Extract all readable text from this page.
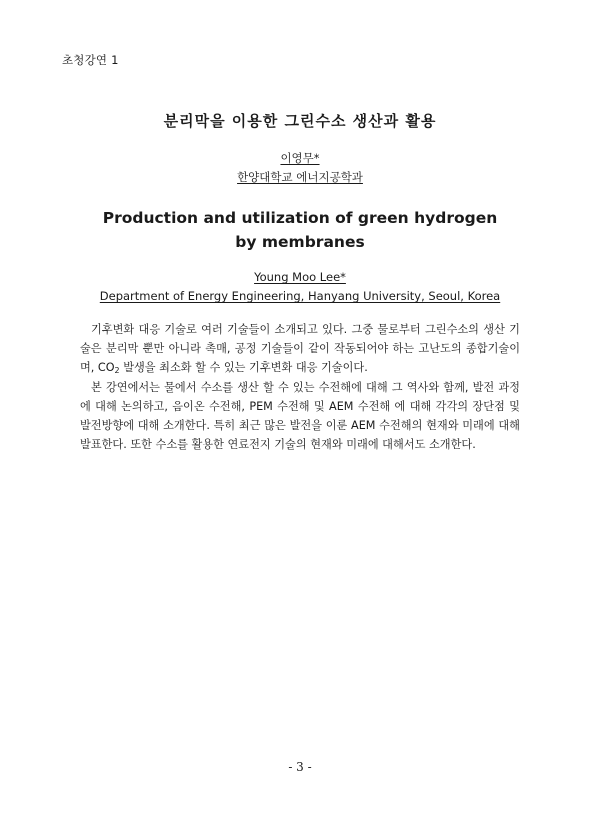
초청강연 1
분리막을 이용한 그린수소 생산과 활용
이영무*
한양대학교 에너지공학과
Production and utilization of green hydrogen by membranes
Young Moo Lee*
Department of Energy Engineering, Hanyang University, Seoul, Korea

기후변화 대응 기술로 여러 기술들이 소개되고 있다. 그중 물로부터 그린수소의 생산 기술은 분리막 뿐만 아니라 촉매, 공정 기술들이 같이 작동되어야 하는 고난도의 종합기술이며, $CO_2$ 발생을 최소화 할 수 있는 기후변화 대응 기술이다.

본 강연에서는 물에서 수소를 생산 할 수 있는 수전해에 대해 그 역사와 함께, 발전 과정에 대해 논의하고, 음이온 수전해, PEM 수전해 및 AEM 수전해 에 대해 각각의 장단점 및 발전방향에 대해 소개한다. 특히 최근 많은 발전을 이룬 AEM 수전해의 현재와 미래에 대해 발표한다. 또한 수소를 활용한 연료전지 기술의 현재와 미래에 대해서도 소개한다.

- 3 -
